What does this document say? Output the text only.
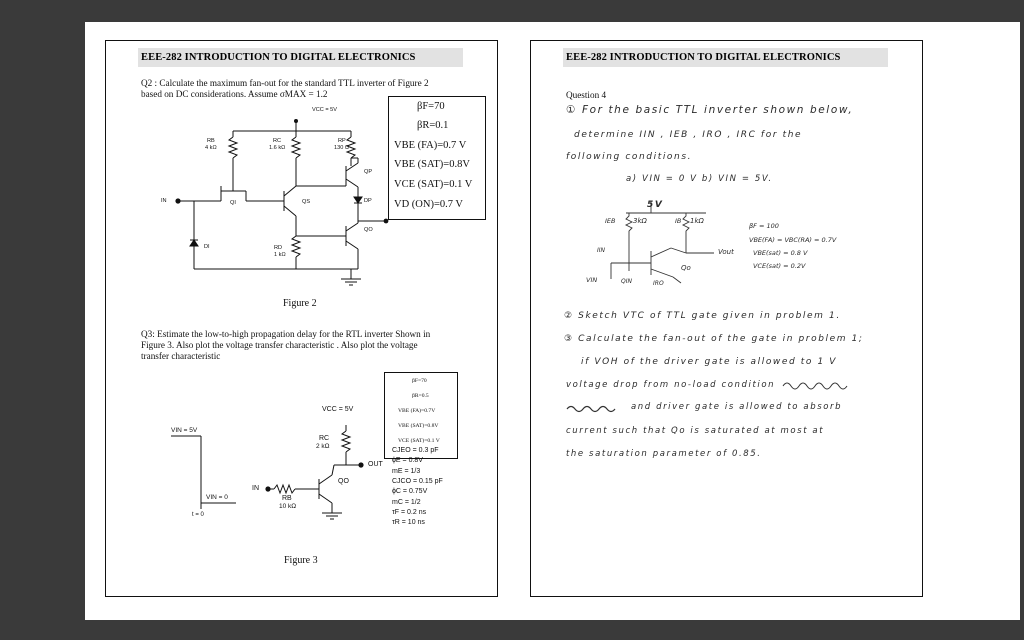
EEE-282 INTRODUCTION TO DIGITAL ELECTRONICS
Q2 : Calculate the maximum fan-out for the standard TTL inverter of Figure 2
based on DC considerations. Assume σMAX = 1.2
VCC = 5V
RB
4 kΩ
RC
1.6 kΩ
RP
130 Ω
QP
QS	DP
QO
QI
IN
DI	RD
1 kΩ
βF=70
βR=0.1
VBE (FA)=0.7 V
VBE (SAT)=0.8V
VCE (SAT)=0.1 V
VD (ON)=0.7 V
Figure 2
Q3: Estimate the low-to-high propagation delay for the RTL inverter Shown in
Figure 3. Also plot the voltage transfer characteristic . Also plot the voltage
transfer characteristic
VCC = 5V
RC
2 kΩ
OUT
QO
IN
RB
10 kΩ
VIN = 5V
VIN = 0
t = 0
βF=70
βR=0.5
VBE (FA)=0.7V
VBE (SAT)=0.8V
VCE (SAT)=0.1 V
CJEO = 0.3 pF
ϕE = 0.8V
mE = 1/3
CJCO = 0.15 pF
ϕC = 0.75V
mC = 1/2
τF = 0.2 ns
τR = 10 ns
Figure 3
EEE-282 INTRODUCTION TO DIGITAL ELECTRONICS
Question 4
① For the basic TTL inverter shown below,
determine IIN , IEB , IRO , IRC for the
following conditions.
a) VIN = 0 V b) VIN = 5V.
5V
3kΩ	1kΩ
IEB	IB
Vout
IIN
Qo
VIN	QIN	IRO
βF = 100
VBE(FA) = VBC(RA) = 0.7V
VBE(sat) = 0.8 V
VCE(sat) = 0.2V
② Sketch VTC of TTL gate given in problem 1.
③ Calculate the fan-out of the gate in problem 1;
if VOH of the driver gate is allowed to 1 V
voltage drop from no-load condition
and driver gate is allowed to absorb
current such that Qo is saturated at most at
the saturation parameter of 0.85.
